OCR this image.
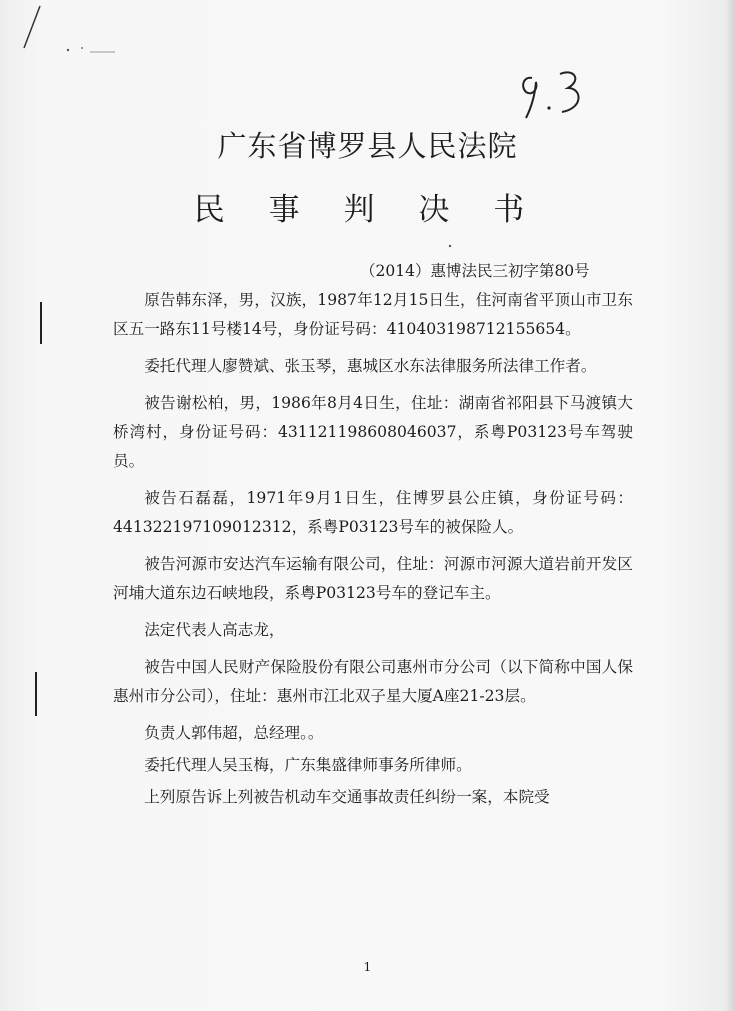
9.3
广东省博罗县人民法院
民 事 判 决 书
（2014）惠博法民三初字第80号

原告韩东泽，男，汉族，1987年12月15日生，住河南省平顶山市卫东区五一路东11号楼14号，身份证号码：410403198712155654。

委托代理人廖赞斌、张玉琴，惠城区水东法律服务所法律工作者。

被告谢松柏，男，1986年8月4日生，住址：湖南省祁阳县下马渡镇大桥湾村，身份证号码：431121198608046037，系粤P03123号车驾驶员。

被告石磊磊，1971年9月1日生，住博罗县公庄镇，身份证号码：441322197109012312，系粤P03123号车的被保险人。

被告河源市安达汽车运输有限公司，住址：河源市河源大道岩前开发区河埔大道东边石峡地段，系粤P03123号车的登记车主。

法定代表人高志龙，

被告中国人民财产保险股份有限公司惠州市分公司（以下简称中国人保惠州市分公司），住址：惠州市江北双子星大厦A座21-23层。

负责人郭伟超，总经理。。

委托代理人吴玉梅，广东集盛律师事务所律师。

上列原告诉上列被告机动车交通事故责任纠纷一案，本院受

1
